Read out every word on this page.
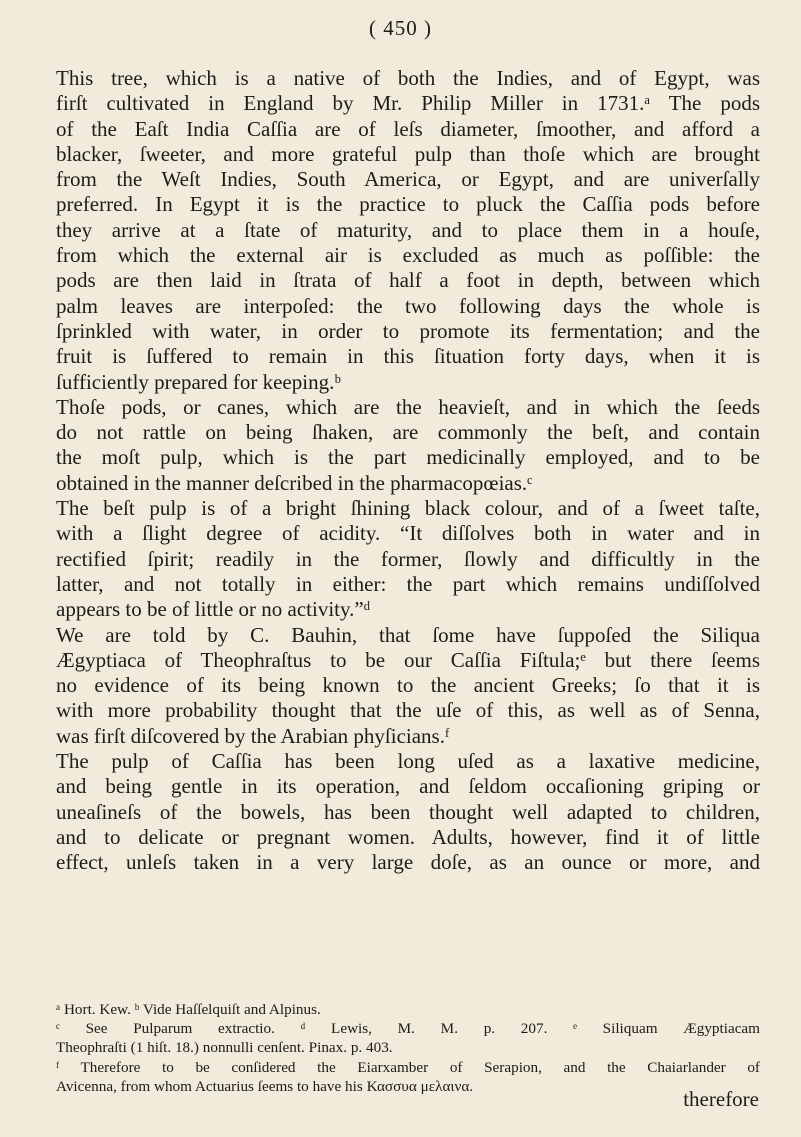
( 450 )
This tree, which is a native of both the Indies, and of Egypt, was
firſt cultivated in England by Mr. Philip Miller in 1731.ᵃ The pods
of the Eaſt India Caſſia are of leſs diameter, ſmoother, and afford a
blacker, ſweeter, and more grateful pulp than thoſe which are brought
from the Weſt Indies, South America, or Egypt, and are univerſally
preferred. In Egypt it is the practice to pluck the Caſſia pods before
they arrive at a ſtate of maturity, and to place them in a houſe,
from which the external air is excluded as much as poſſible: the
pods are then laid in ſtrata of half a foot in depth, between which
palm leaves are interpoſed: the two following days the whole is
ſprinkled with water, in order to promote its fermentation; and the
fruit is ſuffered to remain in this ſituation forty days, when it is
ſufficiently prepared for keeping.ᵇ
Thoſe pods, or canes, which are the heavieſt, and in which the ſeeds
do not rattle on being ſhaken, are commonly the beſt, and contain
the moſt pulp, which is the part medicinally employed, and to be
obtained in the manner deſcribed in the pharmacopœias.ᶜ
The beſt pulp is of a bright ſhining black colour, and of a ſweet taſte,
with a ſlight degree of acidity. “It diſſolves both in water and in
rectified ſpirit; readily in the former, ſlowly and difficultly in the
latter, and not totally in either: the part which remains undiſſolved
appears to be of little or no activity.”ᵈ
We are told by C. Bauhin, that ſome have ſuppoſed the Siliqua
Ægyptiaca of Theophraſtus to be our Caſſia Fiſtula;ᵉ but there ſeems
no evidence of its being known to the ancient Greeks; ſo that it is
with more probability thought that the uſe of this, as well as of Senna,
was firſt diſcovered by the Arabian phyſicians.ᶠ
The pulp of Caſſia has been long uſed as a laxative medicine,
and being gentle in its operation, and ſeldom occaſioning griping or
uneaſineſs of the bowels, has been thought well adapted to children,
and to delicate or pregnant women. Adults, however, find it of little
effect, unleſs taken in a very large doſe, as an ounce or more, and
ᵃ Hort. Kew. ᵇ Vide Haſſelquiſt and Alpinus.
ᶜ See Pulparum extractio. ᵈ Lewis, M. M. p. 207. ᵉ Siliquam Ægyptiacam
Theophraſti (1 hiſt. 18.) nonnulli cenſent. Pinax. p. 403.
ᶠ Therefore to be conſidered the Eiarxamber of Serapion, and the Chaiarlander of
Avicenna, from whom Actuarius ſeems to have his Κασσυα μελαινα.
therefore
